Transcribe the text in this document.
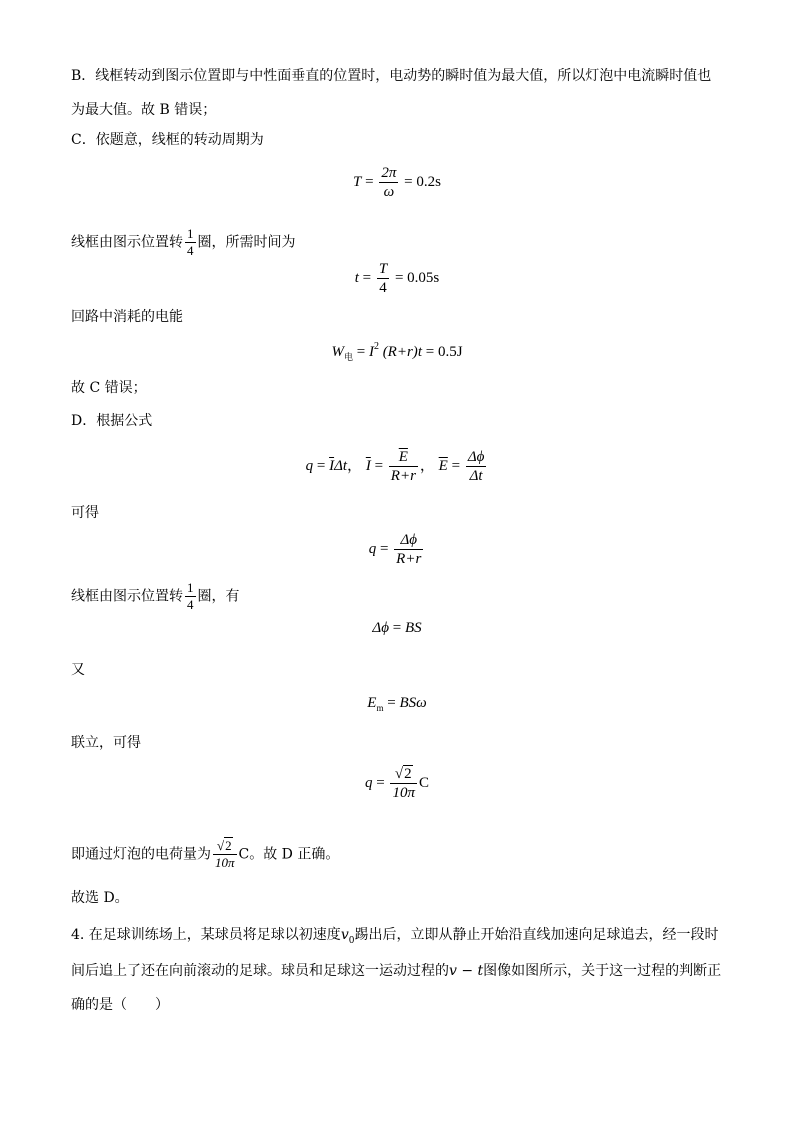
B．线框转动到图示位置即与中性面垂直的位置时，电动势的瞬时值为最大值，所以灯泡中电流瞬时值也
为最大值。故 B 错误；
C．依题意，线框的转动周期为
$T = \frac{2\pi}{\omega} = 0.2s$
线框由图示位置转 $\frac{1}{4}$ 圈，所需时间为
$t = \frac{T}{4} = 0.05s$
回路中消耗的电能
$W_电 = I^2$ (R+r)t = 0.5J
故 C 错误；
D．根据公式
$q = \overline{I}\Delta t$， $\overline{I} = \frac{\overline{E}}{R+r}$ ， $\overline{E} = \frac{\Delta\phi}{\Delta t}$
可得
$q = \frac{\Delta\phi}{R+r}$
线框由图示位置转 $\frac{1}{4}$ 圈，有
Δϕ = BS
又
$E_m = BS\omega$
联立，可得
$q = \frac{√2}{10\pi}$ C
即通过灯泡的电荷量为 $\frac{√2}{10\pi}$ C。故 D 正确。
故选 D。
4. 在足球训练场上，某球员将足球以初速度$v_0$踢出后，立即从静止开始沿直线加速向足球追去，经一段时
间后追上了还在向前滚动的足球。球员和足球这一运动过程的v − t图像如图所示，关于这一过程的判断正
确的是（　　）
